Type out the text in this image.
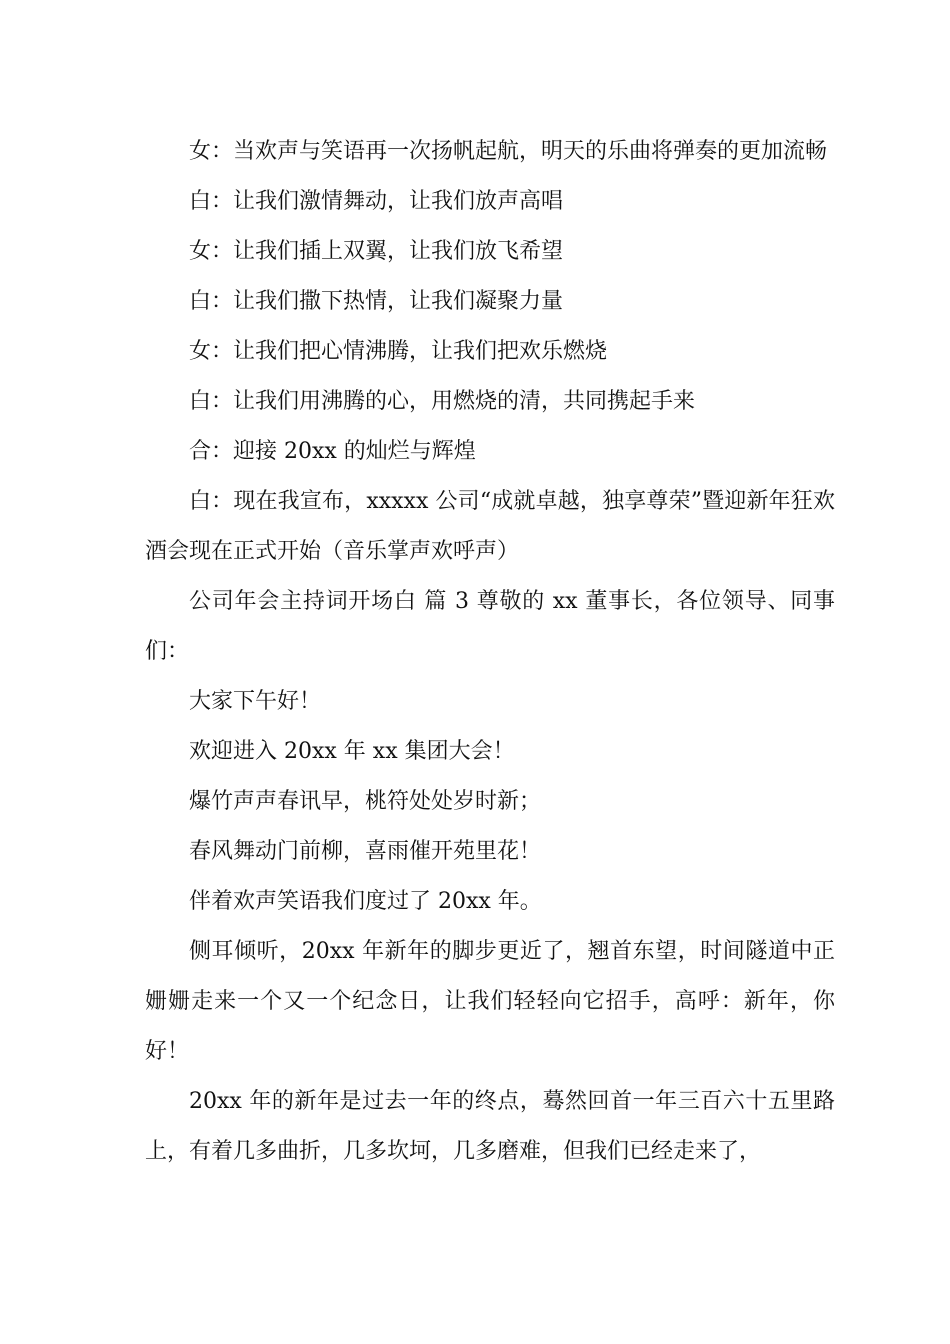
女：当欢声与笑语再一次扬帆起航，明天的乐曲将弹奏的更加流畅

白：让我们激情舞动，让我们放声高唱

女：让我们插上双翼，让我们放飞希望

白：让我们撒下热情，让我们凝聚力量

女：让我们把心情沸腾，让我们把欢乐燃烧

白：让我们用沸腾的心，用燃烧的清，共同携起手来

合：迎接 20xx 的灿烂与辉煌

白：现在我宣布，xxxxx 公司“成就卓越，独享尊荣”暨迎新年狂欢酒会现在正式开始（音乐掌声欢呼声）

公司年会主持词开场白 篇 3 尊敬的 xx 董事长，各位领导、同事们：

大家下午好！

欢迎进入 20xx 年 xx 集团大会！

爆竹声声春讯早，桃符处处岁时新；

春风舞动门前柳，喜雨催开苑里花！

伴着欢声笑语我们度过了 20xx 年。

侧耳倾听，20xx 年新年的脚步更近了，翘首东望，时间隧道中正姗姗走来一个又一个纪念日，让我们轻轻向它招手，高呼：新年，你好！

20xx 年的新年是过去一年的终点，蓦然回首一年三百六十五里路上，有着几多曲折，几多坎坷，几多磨难，但我们已经走来了，
